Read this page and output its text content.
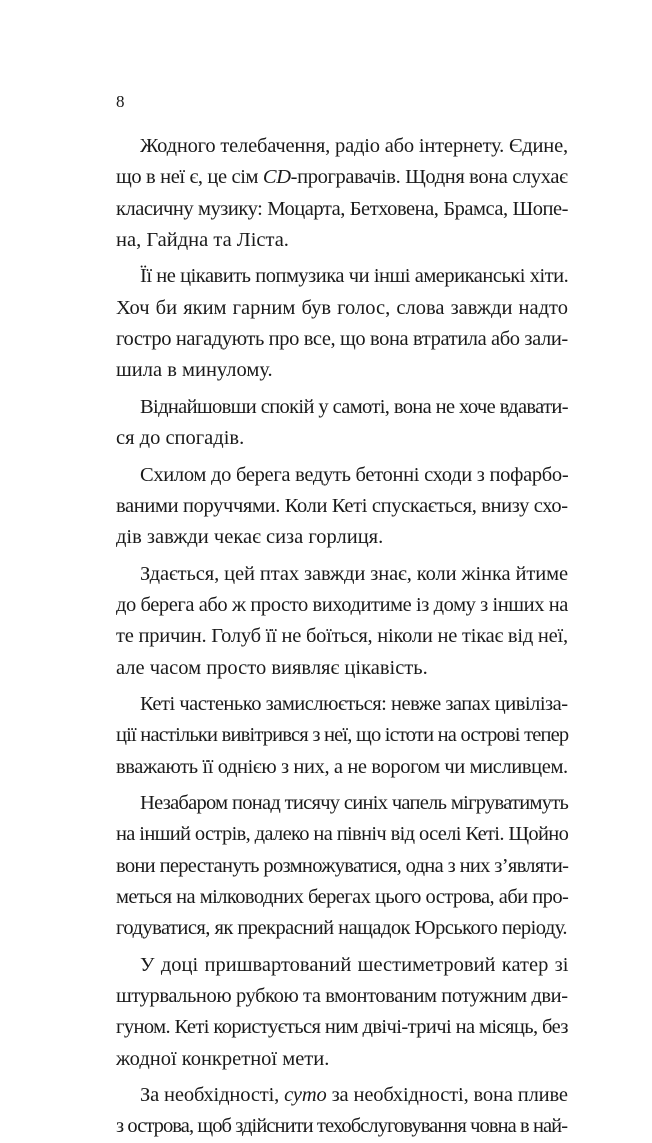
8
Жодного телебачення, радіо або інтернету. Єдине,
що в неї є, це сім CD-програвачів. Щодня вона слухає
класичну музику: Моцарта, Бетховена, Брамса, Шопе-
на, Гайдна та Ліста.
Її не цікавить попмузика чи інші американські хіти.
Хоч би яким гарним був голос, слова завжди надто
гостро нагадують про все, що вона втратила або зали-
шила в минулому.
Віднайшовши спокій у самоті, вона не хоче вдавати-
ся до спогадів.
Схилом до берега ведуть бетонні сходи з пофарбо-
ваними поруччями. Коли Кеті спускається, внизу схо-
дів завжди чекає сиза горлиця.
Здається, цей птах завжди знає, коли жінка йтиме
до берега або ж просто виходитиме із дому з інших на
те причин. Голуб її не боїться, ніколи не тікає від неї,
але часом просто виявляє цікавість.
Кеті частенько замислюється: невже запах цивіліза-
ції настільки вивітрився з неї, що істоти на острові тепер
вважають її однією з них, а не ворогом чи мисливцем.
Незабаром понад тисячу синіх чапель мігруватимуть
на інший острів, далеко на північ від оселі Кеті. Щойно
вони перестануть розмножуватися, одна з них з’являти-
меться на мілководних берегах цього острова, аби про-
годуватися, як прекрасний нащадок Юрського періоду.
У доці пришвартований шестиметровий катер зі
штурвальною рубкою та вмонтованим потужним дви-
гуном. Кеті користується ним двічі-тричі на місяць, без
жодної конкретної мети.
За необхідності, суто за необхідності, вона пливе
з острова, щоб здійснити техобслуговування човна в най-
